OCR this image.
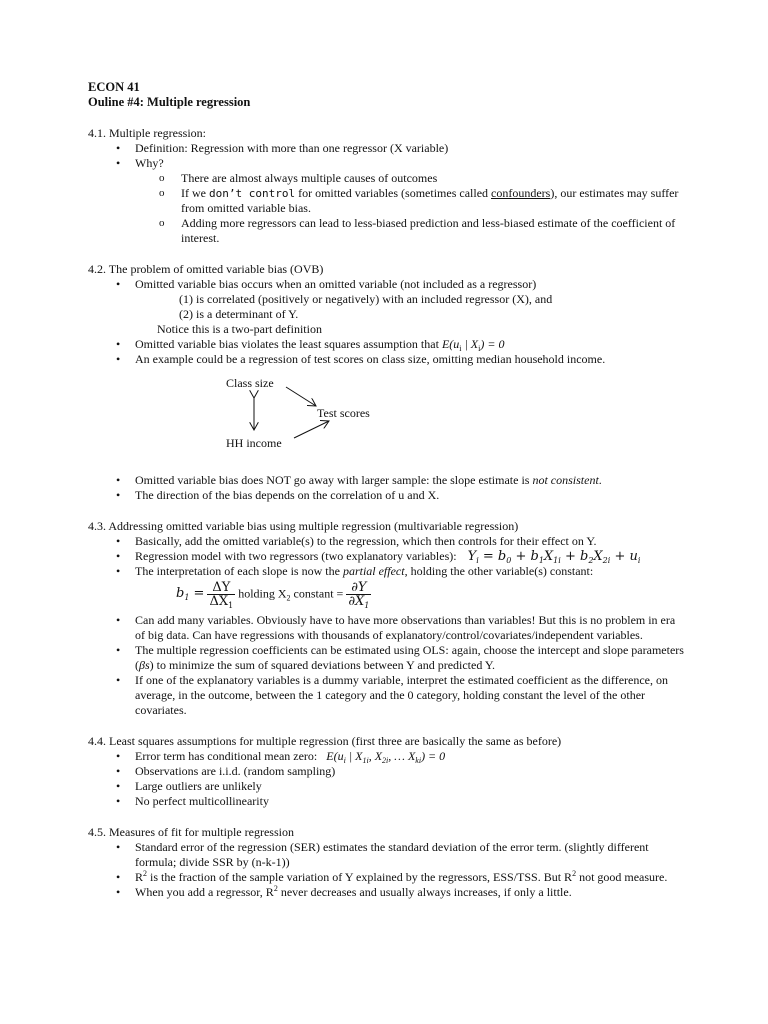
ECON 41
Ouline #4: Multiple regression
4.1. Multiple regression:
• Definition: Regression with more than one regressor (X variable)
• Why?
o There are almost always multiple causes of outcomes
o If we don’t control for omitted variables (sometimes called confounders), our estimates may suffer from omitted variable bias.
o Adding more regressors can lead to less-biased prediction and less-biased estimate of the coefficient of interest.
4.2. The problem of omitted variable bias (OVB)
• Omitted variable bias occurs when an omitted variable (not included as a regressor)
(1) is correlated (positively or negatively) with an included regressor (X), and
(2) is a determinant of Y.
Notice this is a two-part definition
• Omitted variable bias violates the least squares assumption that $E(u_i$ | $X_i) = 0$
• An example could be a regression of test scores on class size, omitting median household income.
Class size
Test scores
HH income
• Omitted variable bias does NOT go away with larger sample: the slope estimate is not consistent.
• The direction of the bias depends on the correlation of u and X.
4.3. Addressing omitted variable bias using multiple regression (multivariable regression)
• Basically, add the omitted variable(s) to the regression, which then controls for their effect on Y.
• Regression model with two regressors (two explanatory variables): $Y_i = b_0 + b_1X_{1i} + b_2X_{2i} + u_i$
• The interpretation of each slope is now the partial effect, holding the other variable(s) constant:
$b_1 = \frac{\Delta Y}{\Delta X_1}$ holding $X_2$ constant = $\frac{\partial Y}{\partial X_1}$
• Can add many variables. Obviously have to have more observations than variables! But this is no problem in era of big data. Can have regressions with thousands of explanatory/control/covariates/independent variables.
• The multiple regression coefficients can be estimated using OLS: again, choose the intercept and slope parameters (βs) to minimize the sum of squared deviations between Y and predicted Y.
• If one of the explanatory variables is a dummy variable, interpret the estimated coefficient as the difference, on average, in the outcome, between the 1 category and the 0 category, holding constant the level of the other covariates.
4.4. Least squares assumptions for multiple regression (first three are basically the same as before)
• Error term has conditional mean zero: $E(u_i$ | $X_{1i}$, $X_{2i}$, … $X_{ki}) = 0$
• Observations are i.i.d. (random sampling)
• Large outliers are unlikely
• No perfect multicollinearity
4.5. Measures of fit for multiple regression
• Standard error of the regression (SER) estimates the standard deviation of the error term. (slightly different formula; divide SSR by (n-k-1))
• $R^2$ is the fraction of the sample variation of Y explained by the regressors, ESS/TSS. But $R^2$ not good measure.
• When you add a regressor, $R^2$ never decreases and usually always increases, if only a little.
